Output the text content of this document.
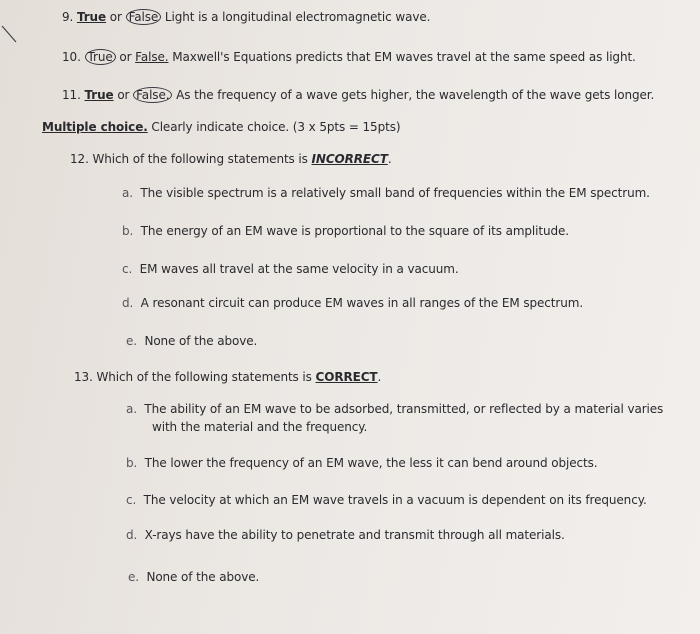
9. True or False Light is a longitudinal electromagnetic wave.
10. True or False. Maxwell's Equations predicts that EM waves travel at the same speed as light.
11. True or False. As the frequency of a wave gets higher, the wavelength of the wave gets longer.
Multiple choice. Clearly indicate choice. (3 x 5pts = 15pts)
12. Which of the following statements is INCORRECT.
a. The visible spectrum is a relatively small band of frequencies within the EM spectrum.
b. The energy of an EM wave is proportional to the square of its amplitude.
c. EM waves all travel at the same velocity in a vacuum.
d. A resonant circuit can produce EM waves in all ranges of the EM spectrum.
e. None of the above.
13. Which of the following statements is CORRECT.
a. The ability of an EM wave to be adsorbed, transmitted, or reflected by a material varies
with the material and the frequency.
b. The lower the frequency of an EM wave, the less it can bend around objects.
c. The velocity at which an EM wave travels in a vacuum is dependent on its frequency.
d. X-rays have the ability to penetrate and transmit through all materials.
e. None of the above.
